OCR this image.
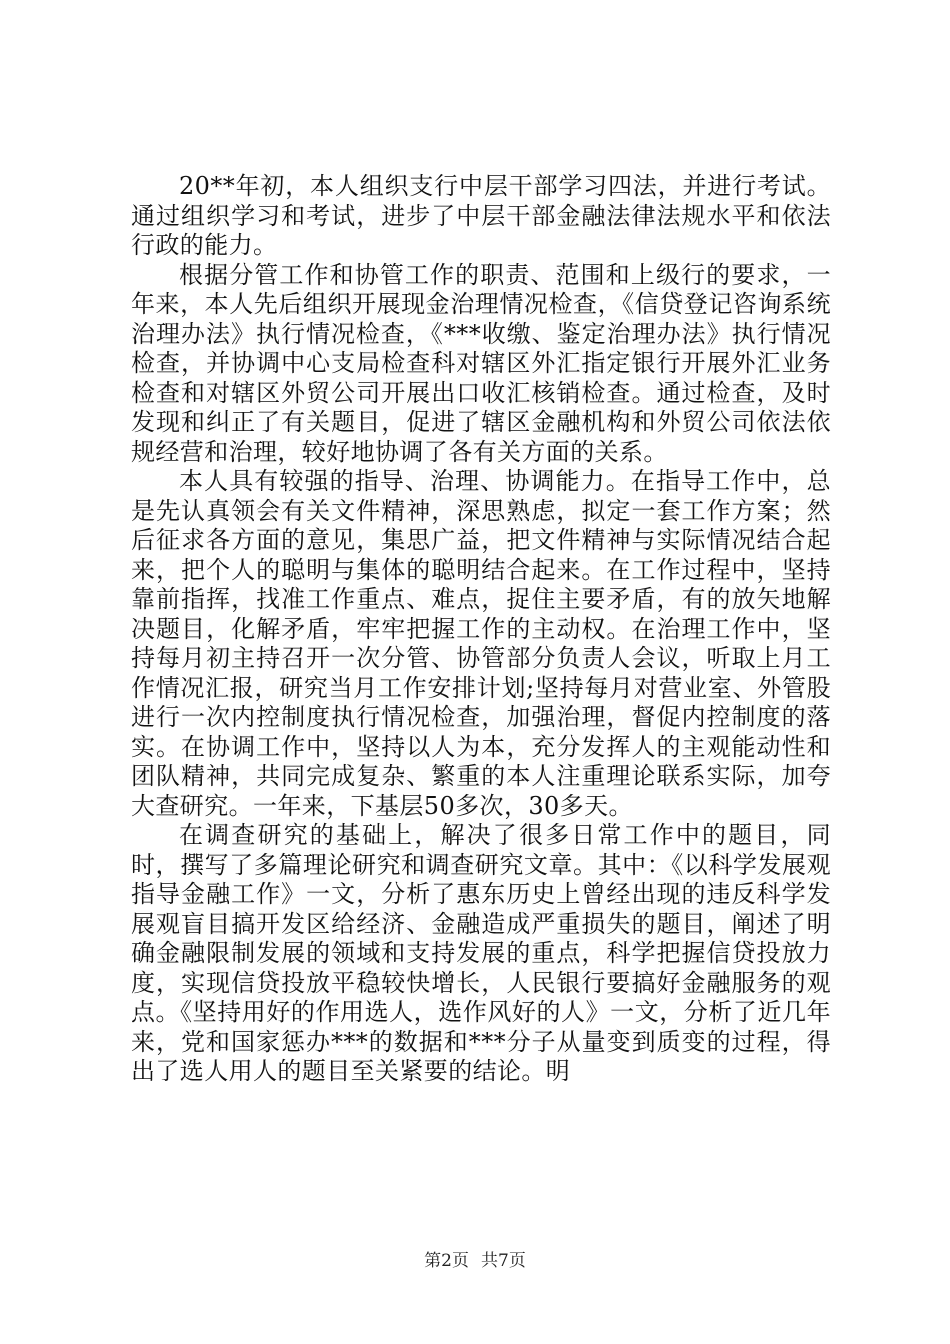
20**年初，本人组织支行中层干部学习四法，并进行考试。通过组织学习和考试，进步了中层干部金融法律法规水平和依法行政的能力。

根据分管工作和协管工作的职责、范围和上级行的要求，一年来，本人先后组织开展现金治理情况检查，《信贷登记咨询系统治理办法》执行情况检查，《***收缴、鉴定治理办法》执行情况检查，并协调中心支局检查科对辖区外汇指定银行开展外汇业务检查和对辖区外贸公司开展出口收汇核销检查。通过检查，及时发现和纠正了有关题目，促进了辖区金融机构和外贸公司依法依规经营和治理，较好地协调了各有关方面的关系。

本人具有较强的指导、治理、协调能力。在指导工作中，总是先认真领会有关文件精神，深思熟虑，拟定一套工作方案；然后征求各方面的意见，集思广益，把文件精神与实际情况结合起来，把个人的聪明与集体的聪明结合起来。在工作过程中，坚持靠前指挥，找准工作重点、难点，捉住主要矛盾，有的放矢地解决题目，化解矛盾，牢牢把握工作的主动权。在治理工作中，坚持每月初主持召开一次分管、协管部分负责人会议，听取上月工作情况汇报，研究当月工作安排计划;坚持每月对营业室、外管股进行一次内控制度执行情况检查，加强治理，督促内控制度的落实。在协调工作中，坚持以人为本，充分发挥人的主观能动性和团队精神，共同完成复杂、繁重的本人注重理论联系实际，加夸大查研究。一年来，下基层50多次，30多天。

在调查研究的基础上，解决了很多日常工作中的题目，同时，撰写了多篇理论研究和调查研究文章。其中：《以科学发展观指导金融工作》一文，分析了惠东历史上曾经出现的违反科学发展观盲目搞开发区给经济、金融造成严重损失的题目，阐述了明确金融限制发展的领域和支持发展的重点，科学把握信贷投放力度，实现信贷投放平稳较快增长，人民银行要搞好金融服务的观点。《坚持用好的作用选人，选作风好的人》一文，分析了近几年来，党和国家惩办***的数据和***分子从量变到质变的过程，得出了选人用人的题目至关紧要的结论。明

第2页 共7页
